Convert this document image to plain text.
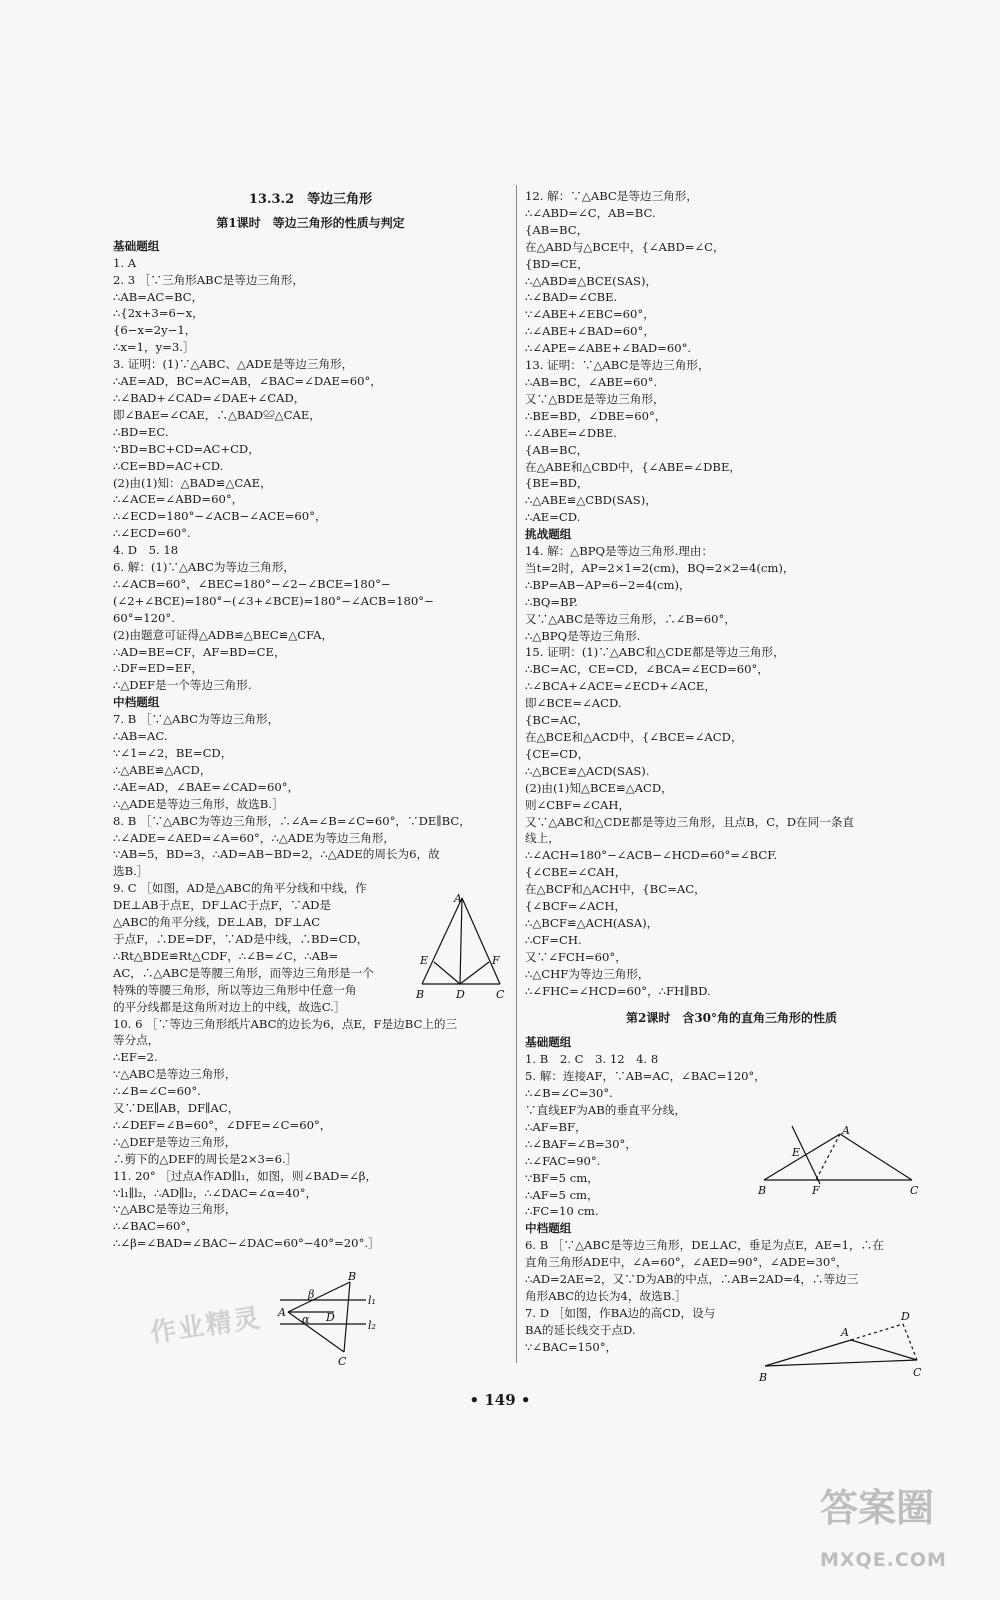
13.3.2　等边三角形
第1课时　等边三角形的性质与判定
基础题组
1. A
2. 3 ［∵三角形ABC是等边三角形，
∴AB=AC=BC，
∴{2x+3=6−x，
{6−x=2y−1，
∴x=1，y=3.］
3. 证明：(1)∵△ABC、△ADE是等边三角形，
∴AE=AD，BC=AC=AB，∠BAC=∠DAE=60°，
∴∠BAD+∠CAD=∠DAE+∠CAD，
即∠BAE=∠CAE，∴△BAD≌△CAE，
∴BD=EC.
∵BD=BC+CD=AC+CD，
∴CE=BD=AC+CD.
(2)由(1)知：△BAD≌△CAE，
∴∠ACE=∠ABD=60°，
∴∠ECD=180°−∠ACB−∠ACE=60°，
∴∠ECD=60°.
4. D　5. 18
6. 解：(1)∵△ABC为等边三角形，
∴∠ACB=60°，∠BEC=180°−∠2−∠BCE=180°−
(∠2+∠BCE)=180°−(∠3+∠BCE)=180°−∠ACB=180°−
60°=120°.
(2)由题意可证得△ADB≌△BEC≌△CFA，
∴AD=BE=CF，AF=BD=CE，
∴DF=ED=EF，
∴△DEF是一个等边三角形.
中档题组
7. B ［∵△ABC为等边三角形，
∴AB=AC.
∵∠1=∠2，BE=CD，
∴△ABE≌△ACD，
∴AE=AD，∠BAE=∠CAD=60°，
∴△ADE是等边三角形，故选B.］
8. B ［∵△ABC为等边三角形，∴∠A=∠B=∠C=60°，∵DE∥BC，
∴∠ADE=∠AED=∠A=60°，∴△ADE为等边三角形，
∵AB=5，BD=3，∴AD=AB−BD=2，∴△ADE的周长为6，故
选B.］
9. C ［如图，AD是△ABC的角平分线和中线，作
DE⊥AB于点E，DF⊥AC于点F，∵AD是
△ABC的角平分线，DE⊥AB，DF⊥AC
于点F，∴DE=DF，∵AD是中线，∴BD=CD，
∴Rt△BDE≌Rt△CDF，∴∠B=∠C，∴AB=
AC，∴△ABC是等腰三角形，而等边三角形是一个
特殊的等腰三角形，所以等边三角形中任意一角
的平分线都是这角所对边上的中线，故选C.］
10. 6 ［∵等边三角形纸片ABC的边长为6，点E，F是边BC上的三
等分点，
∴EF=2.
∵△ABC是等边三角形，
∴∠B=∠C=60°.
又∵DE∥AB，DF∥AC，
∴∠DEF=∠B=60°，∠DFE=∠C=60°，
∴△DEF是等边三角形，
∴剪下的△DEF的周长是2×3=6.］
11. 20° ［过点A作AD∥l₁，如图，则∠BAD=∠β，
∵l₁∥l₂，∴AD∥l₂，∴∠DAC=∠α=40°，
∵△ABC是等边三角形，
∴∠BAC=60°，
∴∠β=∠BAD=∠BAC−∠DAC=60°−40°=20°.］
12. 解：∵△ABC是等边三角形，
∴∠ABD=∠C，AB=BC.
{AB=BC，
在△ABD与△BCE中，{∠ABD=∠C，
{BD=CE，
∴△ABD≌△BCE(SAS)，
∴∠BAD=∠CBE.
∵∠ABE+∠EBC=60°，
∴∠ABE+∠BAD=60°，
∴∠APE=∠ABE+∠BAD=60°.
13. 证明：∵△ABC是等边三角形，
∴AB=BC，∠ABE=60°.
又∵△BDE是等边三角形，
∴BE=BD，∠DBE=60°，
∴∠ABE=∠DBE.
{AB=BC，
在△ABE和△CBD中，{∠ABE=∠DBE，
{BE=BD，
∴△ABE≌△CBD(SAS)，
∴AE=CD.
挑战题组
14. 解：△BPQ是等边三角形.理由：
当t=2时，AP=2×1=2(cm)，BQ=2×2=4(cm)，
∴BP=AB−AP=6−2=4(cm)，
∴BQ=BP.
又∵△ABC是等边三角形，∴∠B=60°，
∴△BPQ是等边三角形.
15. 证明：(1)∵△ABC和△CDE都是等边三角形，
∴BC=AC，CE=CD，∠BCA=∠ECD=60°，
∴∠BCA+∠ACE=∠ECD+∠ACE，
即∠BCE=∠ACD.
{BC=AC，
在△BCE和△ACD中，{∠BCE=∠ACD，
{CE=CD，
∴△BCE≌△ACD(SAS).
(2)由(1)知△BCE≌△ACD，
则∠CBF=∠CAH，
又∵△ABC和△CDE都是等边三角形，且点B，C，D在同一条直
线上，
∴∠ACH=180°−∠ACB−∠HCD=60°=∠BCF.
{∠CBE=∠CAH，
在△BCF和△ACH中，{BC=AC，
{∠BCF=∠ACH，
∴△BCF≌△ACH(ASA)，
∴CF=CH.
又∵∠FCH=60°，
∴△CHF为等边三角形，
∴∠FHC=∠HCD=60°，∴FH∥BD.
第2课时　含30°角的直角三角形的性质
基础题组
1. B　2. C　3. 12　4. 8
5. 解：连接AF，∵AB=AC，∠BAC=120°，
∴∠B=∠C=30°.
∵直线EF为AB的垂直平分线，
∴AF=BF，
∴∠BAF=∠B=30°，
∴∠FAC=90°.
∵BF=5 cm，
∴AF=5 cm，
∴FC=10 cm.
中档题组
6. B ［∵△ABC是等边三角形，DE⊥AC，垂足为点E，AE=1，∴在
直角三角形ADE中，∠A=60°，∠AED=90°，∠ADE=30°，
∴AD=2AE=2，又∵D为AB的中点，∴AB=2AD=4，∴等边三
角形ABC的边长为4，故选B.］
7. D ［如图，作BA边的高CD，设与
BA的延长线交于点D.
∵∠BAC=150°，
A
E	F
B	D	C
B
β
A
α D
C
l₁
l₂
A
E
B	F	C
D
A
B	C
• 149 •
作业精灵
答案圈
MXQE.COM
